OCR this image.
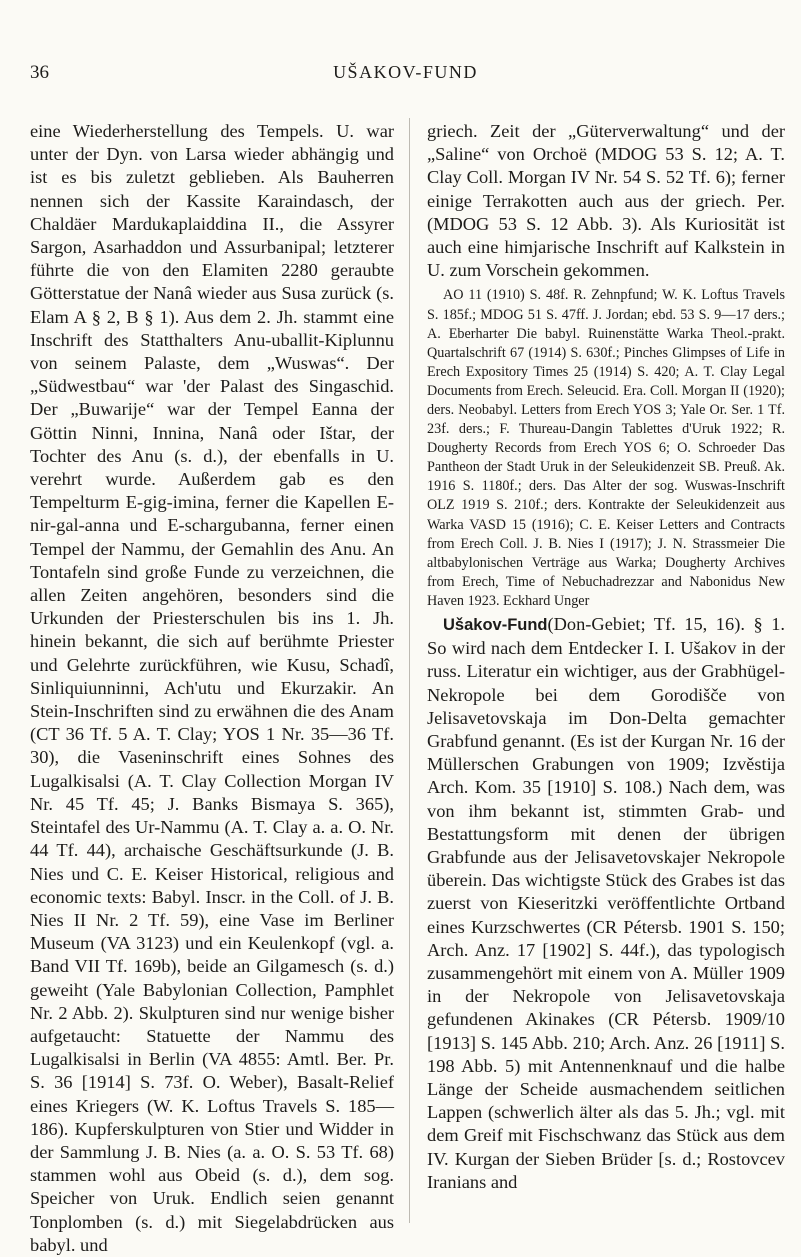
36	UŠAKOV-FUND

eine Wiederherstellung des Tempels. U. war unter der Dyn. von Larsa wieder abhängig und ist es bis zuletzt geblieben. Als Bauherren nennen sich der Kassite Karaindasch, der Chaldäer Mardukaplaiddina II., die Assyrer Sargon, Asarhaddon und Assurbanipal; letzterer führte die von den Elamiten 2280 geraubte Götterstatue der Nanâ wieder aus Susa zurück (s. Elam A § 2, B § 1). Aus dem 2. Jh. stammt eine Inschrift des Statthalters Anu-uballit-Kiplunnu von seinem Palaste, dem „Wuswas“. Der „Südwestbau“ war 'der Palast des Singaschid. Der „Buwarije“ war der Tempel Eanna der Göttin Ninni, Innina, Nanâ oder Ištar, der Tochter des Anu (s. d.), der ebenfalls in U. verehrt wurde. Außerdem gab es den Tempelturm E-gig-imina, ferner die Kapellen E-nir-gal-anna und E-schargubanna, ferner einen Tempel der Nammu, der Gemahlin des Anu. An Tontafeln sind große Funde zu verzeichnen, die allen Zeiten angehören, besonders sind die Urkunden der Priesterschulen bis ins 1. Jh. hinein bekannt, die sich auf berühmte Priester und Gelehrte zurückführen, wie Kusu, Schadî, Sinliquiunninni, Ach'utu und Ekurzakir. An Stein-Inschriften sind zu erwähnen die des Anam (CT 36 Tf. 5 A. T. Clay; YOS 1 Nr. 35—36 Tf. 30), die Vaseninschrift eines Sohnes des Lugalkisalsi (A. T. Clay Collection Morgan IV Nr. 45 Tf. 45; J. Banks Bismaya S. 365), Steintafel des Ur-Nammu (A. T. Clay a. a. O. Nr. 44 Tf. 44), archaische Geschäftsurkunde (J. B. Nies und C. E. Keiser Historical, religious and economic texts: Babyl. Inscr. in the Coll. of J. B. Nies II Nr. 2 Tf. 59), eine Vase im Berliner Museum (VA 3123) und ein Keulenkopf (vgl. a. Band VII Tf. 169b), beide an Gilgamesch (s. d.) geweiht (Yale Babylonian Collection, Pamphlet Nr. 2 Abb. 2). Skulpturen sind nur wenige bisher aufgetaucht: Statuette der Nammu des Lugalkisalsi in Berlin (VA 4855: Amtl. Ber. Pr. S. 36 [1914] S. 73f. O. Weber), Basalt-Relief eines Kriegers (W. K. Loftus Travels S. 185—186). Kupferskulpturen von Stier und Widder in der Sammlung J. B. Nies (a. a. O. S. 53 Tf. 68) stammen wohl aus Obeid (s. d.), dem sog. Speicher von Uruk. Endlich seien genannt Tonplomben (s. d.) mit Siegelabdrücken aus babyl. und

griech. Zeit der „Güterverwaltung“ und der „Saline“ von Orchoë (MDOG 53 S. 12; A. T. Clay Coll. Morgan IV Nr. 54 S. 52 Tf. 6); ferner einige Terrakotten auch aus der griech. Per. (MDOG 53 S. 12 Abb. 3). Als Kuriosität ist auch eine himjarische Inschrift auf Kalkstein in U. zum Vorschein gekommen.

AO 11 (1910) S. 48f. R. Zehnpfund; W. K. Loftus Travels S. 185f.; MDOG 51 S. 47ff. J. Jordan; ebd. 53 S. 9—17 ders.; A. Eberharter Die babyl. Ruinenstätte Warka Theol.-prakt. Quartalschrift 67 (1914) S. 630f.; Pinches Glimpses of Life in Erech Expository Times 25 (1914) S. 420; A. T. Clay Legal Documents from Erech. Seleucid. Era. Coll. Morgan II (1920); ders. Neobabyl. Letters from Erech YOS 3; Yale Or. Ser. 1 Tf. 23f. ders.; F. Thureau-Dangin Tablettes d'Uruk 1922; R. Dougherty Records from Erech YOS 6; O. Schroeder Das Pantheon der Stadt Uruk in der Seleukidenzeit SB. Preuß. Ak. 1916 S. 1180f.; ders. Das Alter der sog. Wuswas-Inschrift OLZ 1919 S. 210f.; ders. Kontrakte der Seleukidenzeit aus Warka VASD 15 (1916); C. E. Keiser Letters and Contracts from Erech Coll. J. B. Nies I (1917); J. N. Strassmeier Die altbabylonischen Verträge aus Warka; Dougherty Archives from Erech, Time of Nebuchadrezzar and Nabonidus New Haven 1923. Eckhard Unger

Ušakov-Fund(Don-Gebiet; Tf. 15, 16). § 1. So wird nach dem Entdecker I. I. Ušakov in der russ. Literatur ein wichtiger, aus der Grabhügel-Nekropole bei dem Gorodišče von Jelisavetovskaja im Don-Delta gemachter Grabfund genannt. (Es ist der Kurgan Nr. 16 der Müllerschen Grabungen von 1909; Izvěstija Arch. Kom. 35 [1910] S. 108.) Nach dem, was von ihm bekannt ist, stimmten Grab- und Bestattungsform mit denen der übrigen Grabfunde aus der Jelisavetovskajer Nekropole überein. Das wichtigste Stück des Grabes ist das zuerst von Kieseritzki veröffentlichte Ortband eines Kurzschwertes (CR Pétersb. 1901 S. 150; Arch. Anz. 17 [1902] S. 44f.), das typologisch zusammengehört mit einem von A. Müller 1909 in der Nekropole von Jelisavetovskaja gefundenen Akinakes (CR Pétersb. 1909/10 [1913] S. 145 Abb. 210; Arch. Anz. 26 [1911] S. 198 Abb. 5) mit Antennenknauf und die halbe Länge der Scheide ausmachendem seitlichen Lappen (schwerlich älter als das 5. Jh.; vgl. mit dem Greif mit Fischschwanz das Stück aus dem IV. Kurgan der Sieben Brüder [s. d.; Rostovcev Iranians and
